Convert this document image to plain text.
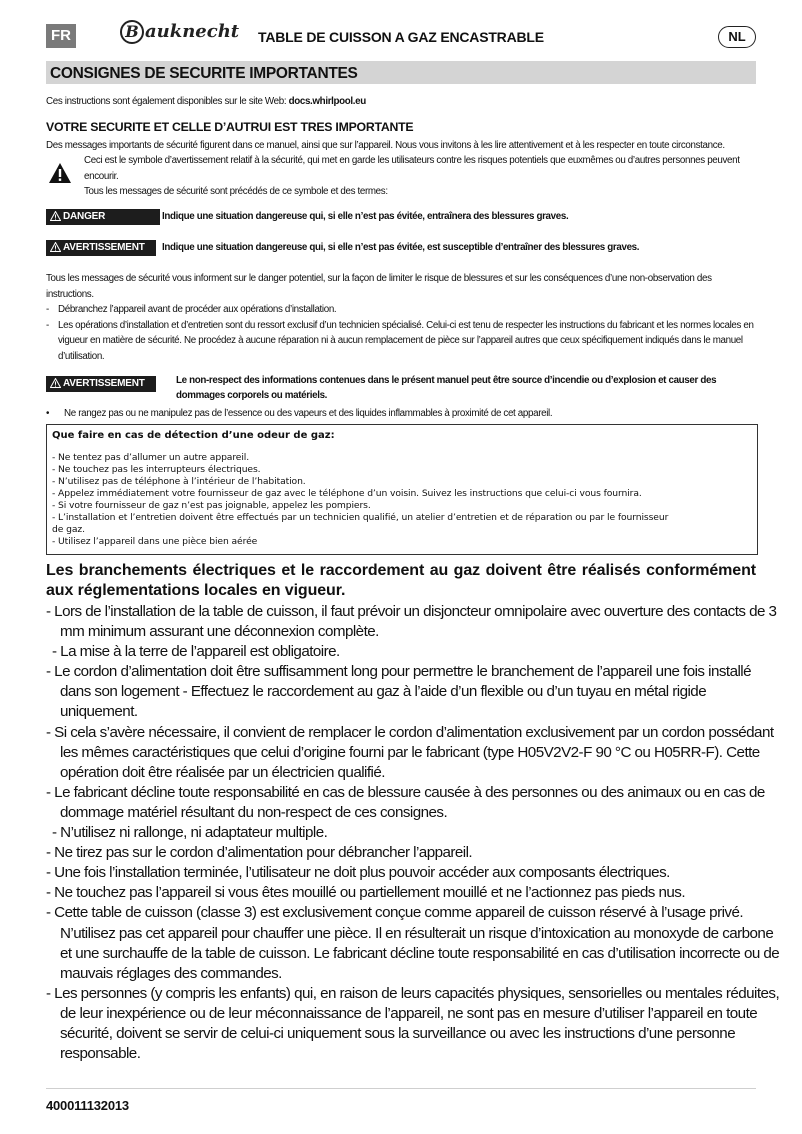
FR	B auknecht TABLE DE CUISSON A GAZ ENCASTRABLE	NL
CONSIGNES DE SECURITE IMPORTANTES
Ces instructions sont également disponibles sur le site Web: docs.whirlpool.eu
VOTRE SECURITE ET CELLE D’AUTRUI EST TRES IMPORTANTE
Des messages importants de sécurité figurent dans ce manuel, ainsi que sur l’appareil. Nous vous invitons à les lire attentivement et à les respecter en toute circonstance.
Ceci est le symbole d’avertissement relatif à la sécurité, qui met en garde les utilisateurs contre les risques potentiels que euxmêmes ou d’autres personnes peuvent encourir.
Tous les messages de sécurité sont précédés de ce symbole et des termes:
DANGER	Indique une situation dangereuse qui, si elle n’est pas évitée, entraînera des blessures graves.
AVERTISSEMENT	Indique une situation dangereuse qui, si elle n’est pas évitée, est susceptible d’entraîner des blessures graves.
Tous les messages de sécurité vous informent sur le danger potentiel, sur la façon de limiter le risque de blessures et sur les conséquences d’une non-observation des instructions.
- Débranchez l’appareil avant de procéder aux opérations d’installation.
- Les opérations d’installation et d’entretien sont du ressort exclusif d’un technicien spécialisé. Celui-ci est tenu de respecter les instructions du fabricant et les normes locales en vigueur en matière de sécurité. Ne procédez à aucune réparation ni à aucun remplacement de pièce sur l’appareil autres que ceux spécifiquement indiqués dans le manuel d’utilisation.
AVERTISSEMENT	Le non-respect des informations contenues dans le présent manuel peut être source d’incendie ou d’explosion et causer des
dommages corporels ou matériels.
• Ne rangez pas ou ne manipulez pas de l’essence ou des vapeurs et des liquides inflammables à proximité de cet appareil.
Que faire en cas de détection d’une odeur de gaz:
- Ne tentez pas d’allumer un autre appareil.
- Ne touchez pas les interrupteurs électriques.
- N’utilisez pas de téléphone à l’intérieur de l’habitation.
- Appelez immédiatement votre fournisseur de gaz avec le téléphone d’un voisin. Suivez les instructions que celui-ci vous fournira.
- Si votre fournisseur de gaz n’est pas joignable, appelez les pompiers.
- L’installation et l’entretien doivent être effectués par un technicien qualifié, un atelier d’entretien et de réparation ou par le fournisseur
de gaz.
- Utilisez l’appareil dans une pièce bien aérée
Les branchements électriques et le raccordement au gaz doivent être réalisés conformément aux réglementations locales en vigueur.
- Lors de l’installation de la table de cuisson, il faut prévoir un disjoncteur omnipolaire avec ouverture des contacts de 3 mm minimum assurant une déconnexion complète.
- La mise à la terre de l’appareil est obligatoire.
- Le cordon d’alimentation doit être suffisamment long pour permettre le branchement de l’appareil une fois installé dans son logement - Effectuez le raccordement au gaz à l’aide d’un flexible ou d’un tuyau en métal rigide uniquement.
- Si cela s’avère nécessaire, il convient de remplacer le cordon d’alimentation exclusivement par un cordon possédant les mêmes caractéristiques que celui d’origine fourni par le fabricant (type H05V2V2-F 90 °C ou H05RR-F). Cette opération doit être réalisée par un électricien qualifié.
- Le fabricant décline toute responsabilité en cas de blessure causée à des personnes ou des animaux ou en cas de dommage matériel résultant du non-respect de ces consignes.
- N’utilisez ni rallonge, ni adaptateur multiple.
- Ne tirez pas sur le cordon d’alimentation pour débrancher l’appareil.
- Une fois l’installation terminée, l’utilisateur ne doit plus pouvoir accéder aux composants électriques.
- Ne touchez pas l’appareil si vous êtes mouillé ou partiellement mouillé et ne l’actionnez pas pieds nus.
- Cette table de cuisson (classe 3) est exclusivement conçue comme appareil de cuisson réservé à l’usage privé. N’utilisez pas cet appareil pour chauffer une pièce. Il en résulterait un risque d’intoxication au monoxyde de carbone et une surchauffe de la table de cuisson. Le fabricant décline toute responsabilité en cas d’utilisation incorrecte ou de mauvais réglages des commandes.
- Les personnes (y compris les enfants) qui, en raison de leurs capacités physiques, sensorielles ou mentales réduites, de leur inexpérience ou de leur méconnaissance de l’appareil, ne sont pas en mesure d’utiliser l’appareil en toute sécurité, doivent se servir de celui-ci uniquement sous la surveillance ou avec les instructions d’une personne responsable.
400011132013
